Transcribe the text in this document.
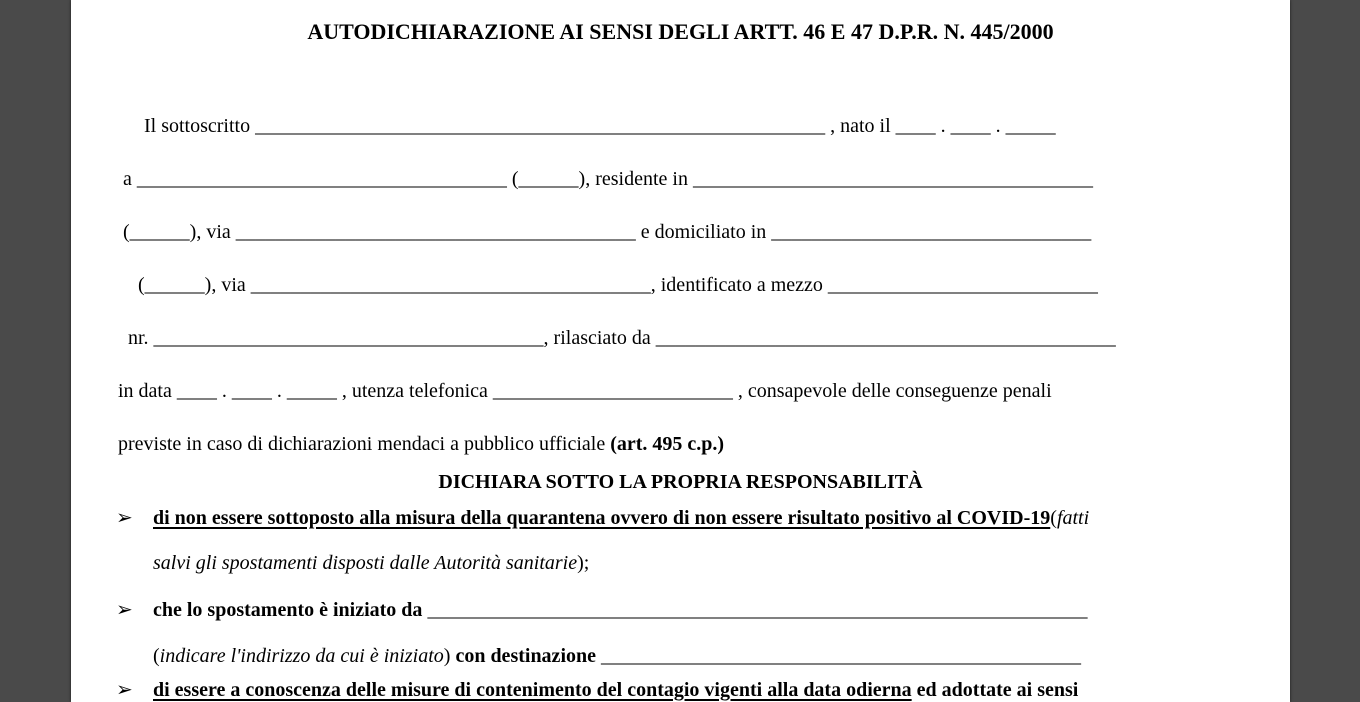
AUTODICHIARAZIONE AI SENSI DEGLI ARTT. 46 E 47 D.P.R. N. 445/2000
Il sottoscritto _________________________________________________________ , nato il ____ . ____ . _____
a _____________________________________ (______), residente in ________________________________________
(______), via ________________________________________ e domiciliato in ________________________________
(______), via ________________________________________, identificato a mezzo ___________________________
nr. _______________________________________, rilasciato da ______________________________________________
in data ____ . ____ . _____ , utenza telefonica ________________________ , consapevole delle conseguenze penali
previste in caso di dichiarazioni mendaci a pubblico ufficiale (art. 495 c.p.)
DICHIARA SOTTO LA PROPRIA RESPONSABILITÀ
➢ di non essere sottoposto alla misura della quarantena ovvero di non essere risultato positivo al COVID-19(fatti
salvi gli spostamenti disposti dalle Autorità sanitarie);
➢ che lo spostamento è iniziato da __________________________________________________________________
(indicare l'indirizzo da cui è iniziato) con destinazione ________________________________________________
➢ di essere a conoscenza delle misure di contenimento del contagio vigenti alla data odierna ed adottate ai sensi
